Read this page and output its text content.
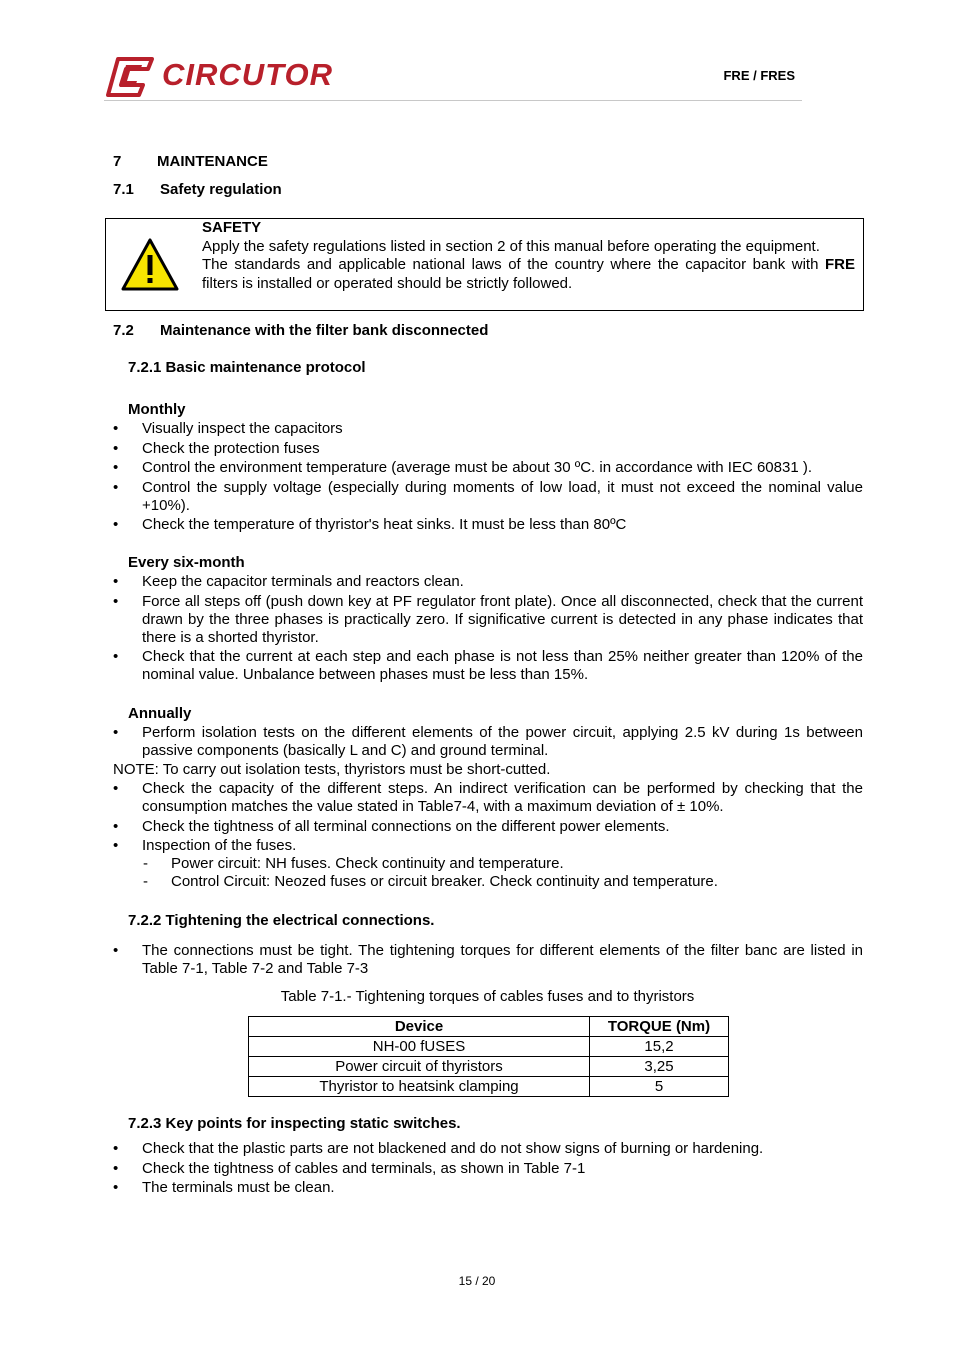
CIRCUTOR	FRE / FRES
7 MAINTENANCE
7.1 Safety regulation
SAFETY
Apply the safety regulations listed in section 2 of this manual before operating the equipment.
The standards and applicable national laws of the country where the capacitor bank with FRE filters is installed or operated should be strictly followed.
7.2 Maintenance with the filter bank disconnected
7.2.1 Basic maintenance protocol
Monthly
• Visually inspect the capacitors
• Check the protection fuses
• Control the environment temperature (average must be about 30 ºC. in accordance with IEC 60831 ).
• Control the supply voltage (especially during moments of low load, it must not exceed the nominal value +10%).
• Check the temperature of thyristor's heat sinks. It must be less than 80ºC
Every six-month
• Keep the capacitor terminals and reactors clean.
• Force all steps off (push down key at PF regulator front plate). Once all disconnected, check that the current drawn by the three phases is practically zero. If significative current is detected in any phase indicates that there is a shorted thyristor.
• Check that the current at each step and each phase is not less than 25% neither greater than 120% of the nominal value. Unbalance between phases must be less than 15%.
Annually
• Perform isolation tests on the different elements of the power circuit, applying 2.5 kV during 1s between passive components (basically L and C) and ground terminal.
NOTE: To carry out isolation tests, thyristors must be short-cutted.
• Check the capacity of the different steps. An indirect verification can be performed by checking that the consumption matches the value stated in Table7-4, with a maximum deviation of ± 10%.
• Check the tightness of all terminal connections on the different power elements.
• Inspection of the fuses.
- Power circuit: NH fuses. Check continuity and temperature.
- Control Circuit: Neozed fuses or circuit breaker. Check continuity and temperature.
7.2.2 Tightening the electrical connections.
• The connections must be tight. The tightening torques for different elements of the filter banc are listed in Table 7-1, Table 7-2 and Table 7-3
Table 7-1.- Tightening torques of cables fuses and to thyristors
Device	TORQUE (Nm)
NH-00 fUSES	15,2
Power circuit of thyristors	3,25
Thyristor to heatsink clamping	5
7.2.3 Key points for inspecting static switches.
• Check that the plastic parts are not blackened and do not show signs of burning or hardening.
• Check the tightness of cables and terminals, as shown in Table 7-1
• The terminals must be clean.
15 / 20
